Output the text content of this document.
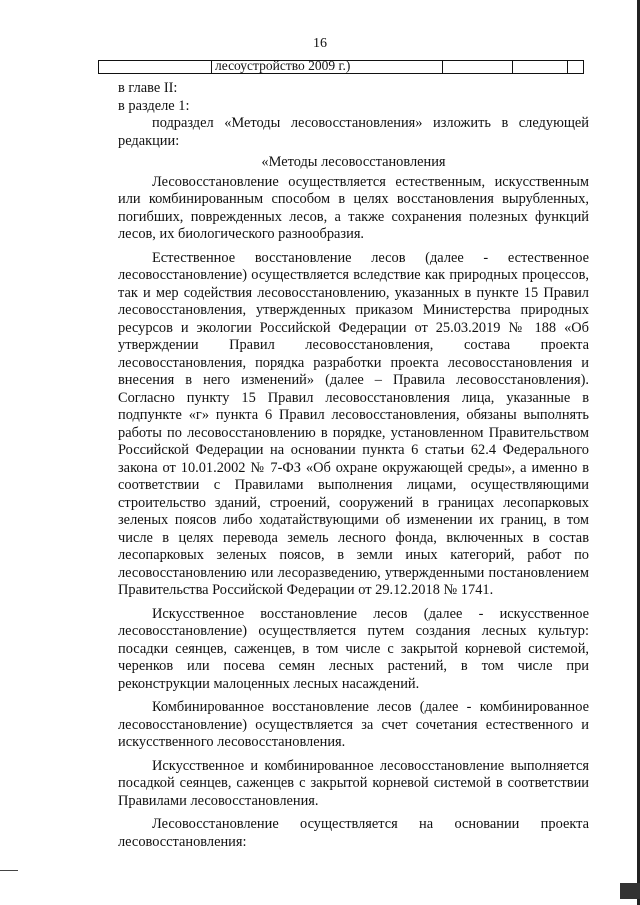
16
лесоустройство 2009 г.)

в главе II:

в разделе 1:

подраздел «Методы лесовосстановления» изложить в следующей редакции:

«Методы лесовосстановления

Лесовосстановление осуществляется естественным, искусственным или комбинированным способом в целях восстановления вырубленных, погибших, поврежденных лесов, а также сохранения полезных функций лесов, их биологического разнообразия.

Естественное восстановление лесов (далее - естественное лесовосстановление) осуществляется вследствие как природных процессов, так и мер содействия лесовосстановлению, указанных в пункте 15 Правил лесовосстановления, утвержденных приказом Министерства природных ресурсов и экологии Российской Федерации от 25.03.2019 № 188 «Об утверждении Правил лесовосстановления, состава проекта лесовосстановления, порядка разработки проекта лесовосстановления и внесения в него изменений» (далее – Правила лесовосстановления). Согласно пункту 15 Правил лесовосстановления лица, указанные в подпункте «г» пункта 6 Правил лесовосстановления, обязаны выполнять работы по лесовосстановлению в порядке, установленном Правительством Российской Федерации на основании пункта 6 статьи 62.4 Федерального закона от 10.01.2002 № 7-ФЗ «Об охране окружающей среды», а именно в соответствии с Правилами выполнения лицами, осуществляющими строительство зданий, строений, сооружений в границах лесопарковых зеленых поясов либо ходатайствующими об изменении их границ, в том числе в целях перевода земель лесного фонда, включенных в состав лесопарковых зеленых поясов, в земли иных категорий, работ по лесовосстановлению или лесоразведению, утвержденными постановлением Правительства Российской Федерации от 29.12.2018 № 1741.

Искусственное восстановление лесов (далее - искусственное лесовосстановление) осуществляется путем создания лесных культур: посадки сеянцев, саженцев, в том числе с закрытой корневой системой, черенков или посева семян лесных растений, в том числе при реконструкции малоценных лесных насаждений.

Комбинированное восстановление лесов (далее - комбинированное лесовосстановление) осуществляется за счет сочетания естественного и искусственного лесовосстановления.

Искусственное и комбинированное лесовосстановление выполняется посадкой сеянцев, саженцев с закрытой корневой системой в соответствии Правилами лесовосстановления.

Лесовосстановление осуществляется на основании проекта лесовосстановления:
